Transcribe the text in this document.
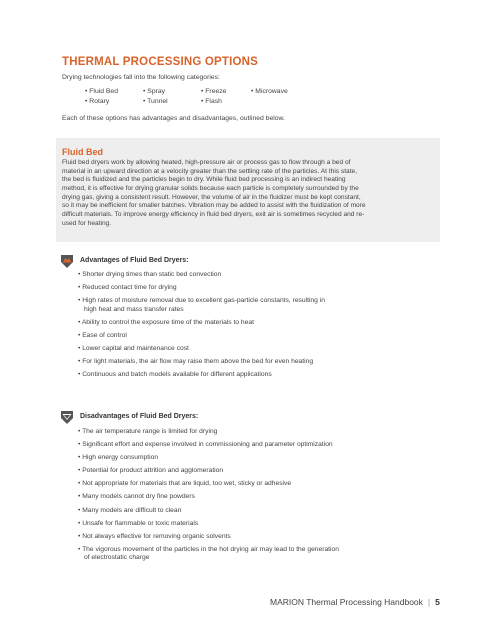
THERMAL PROCESSING OPTIONS
Drying technologies fall into the following categories:
• Fluid Bed	• Spray	• Freeze	• Microwave
• Rotary	• Tunnel	• Flash
Each of these options has advantages and disadvantages, outlined below.
Fluid Bed
Fluid bed dryers work by allowing heated, high-pressure air or process gas to flow through a bed of
material in an upward direction at a velocity greater than the settling rate of the particles. At this state,
the bed is fluidized and the particles begin to dry. While fluid bed processing is an indirect heating
method, it is effective for drying granular solids because each particle is completely surrounded by the
drying gas, giving a consistent result. However, the volume of air in the fluidizer must be kept constant,
so it may be inefficient for smaller batches. Vibration may be added to assist with the fluidization of more
difficult materials. To improve energy efficiency in fluid bed dryers, exit air is sometimes recycled and re-
used for heating.
Advantages of Fluid Bed Dryers:
• Shorter drying times than static bed convection
• Reduced contact time for drying
• High rates of moisture removal due to excellent gas-particle constants, resulting in
high heat and mass transfer rates
• Ability to control the exposure time of the materials to heat
• Ease of control
• Lower capital and maintenance cost
• For light materials, the air flow may raise them above the bed for even heating
• Continuous and batch models available for different applications
Disadvantages of Fluid Bed Dryers:
• The air temperature range is limited for drying
• Significant effort and expense involved in commissioning and parameter optimization
• High energy consumption
• Potential for product attrition and agglomeration
• Not appropriate for materials that are liquid, too wet, sticky or adhesive
• Many models cannot dry fine powders
• Many models are difficult to clean
• Unsafe for flammable or toxic materials
• Not always effective for removing organic solvents
• The vigorous movement of the particles in the hot drying air may lead to the generation
of electrostatic charge
MARION Thermal Processing Handbook | 5
